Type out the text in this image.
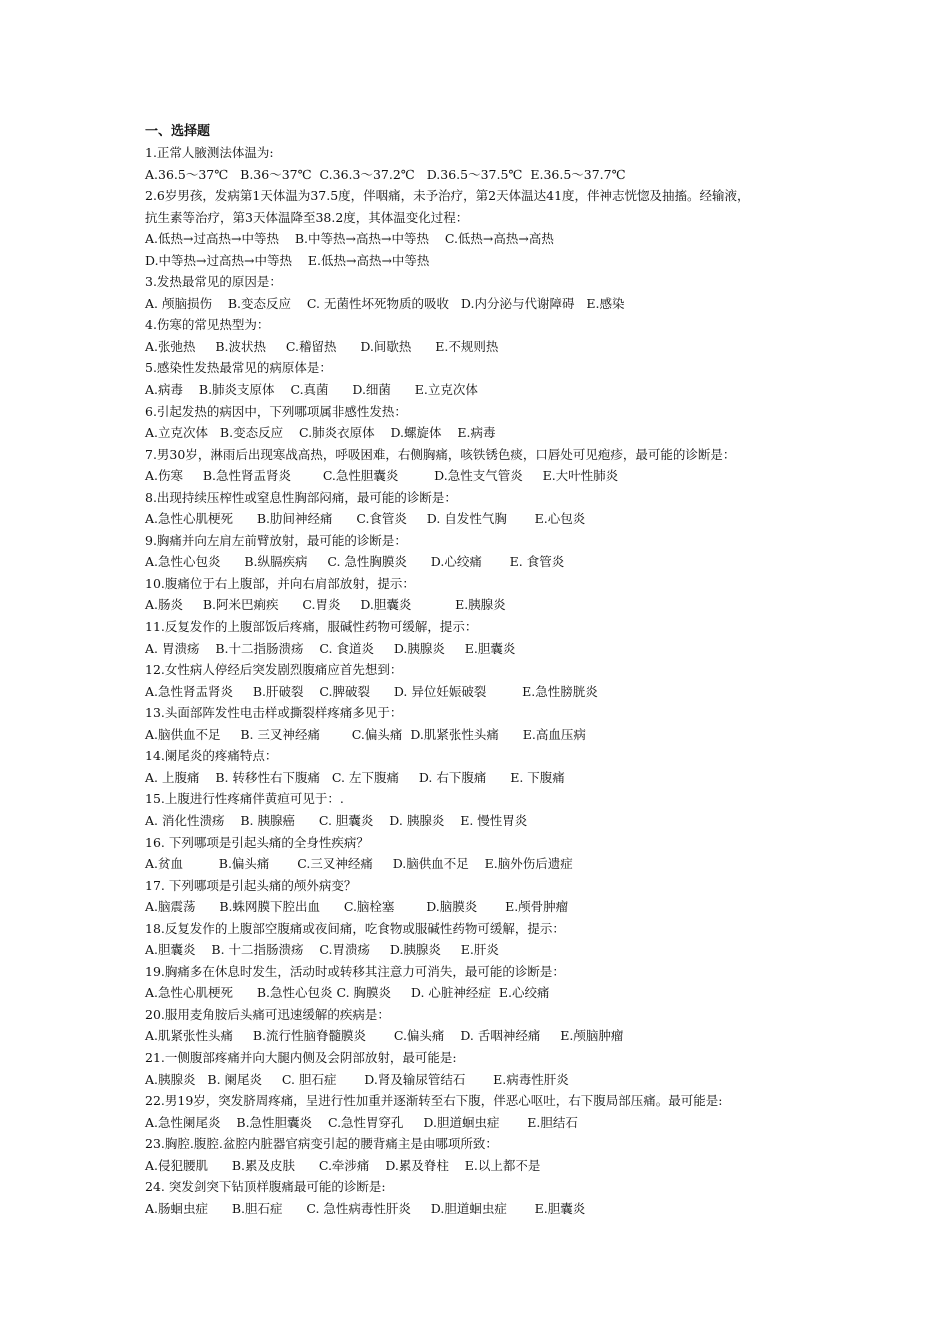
一、选择题
1.正常人腋测法体温为:
A.36.5～37℃   B.36～37℃  C.36.3～37.2℃   D.36.5～37.5℃  E.36.5～37.7℃
2.6岁男孩，发病第1天体温为37.5度，伴咽痛，未予治疗，第2天体温达41度，伴神志恍惚及抽搐。经输液，
抗生素等治疗，第3天体温降至38.2度，其体温变化过程：
A.低热→过高热→中等热    B.中等热→高热→中等热    C.低热→高热→高热
D.中等热→过高热→中等热    E.低热→高热→中等热
3.发热最常见的原因是：
A. 颅脑损伤    B.变态反应    C. 无菌性坏死物质的吸收   D.内分泌与代谢障碍   E.感染
4.伤寒的常见热型为：
A.张弛热     B.波状热     C.稽留热      D.间歇热      E.不规则热
5.感染性发热最常见的病原体是：
A.病毒    B.肺炎支原体    C.真菌      D.细菌      E.立克次体
6.引起发热的病因中，下列哪项属非感性发热：
A.立克次体   B.变态反应    C.肺炎衣原体    D.螺旋体    E.病毒
7.男30岁，淋雨后出现寒战高热，呼吸困难，右侧胸痛，咳铁锈色痰，口唇处可见疱疹，最可能的诊断是：
A.伤寒     B.急性肾盂肾炎        C.急性胆囊炎         D.急性支气管炎     E.大叶性肺炎
8.出现持续压榨性或窒息性胸部闷痛，最可能的诊断是：
A.急性心肌梗死      B.肋间神经痛      C.食管炎     D. 自发性气胸       E.心包炎
9.胸痛并向左肩左前臂放射，最可能的诊断是：
A.急性心包炎      B.纵膈疾病     C. 急性胸膜炎      D.心绞痛       E. 食管炎
10.腹痛位于右上腹部，并向右肩部放射，提示：
A.肠炎     B.阿米巴痢疾      C.胃炎     D.胆囊炎           E.胰腺炎
11.反复发作的上腹部饭后疼痛，服碱性药物可缓解，提示：
A. 胃溃疡    B.十二指肠溃疡    C. 食道炎     D.胰腺炎     E.胆囊炎
12.女性病人停经后突发剧烈腹痛应首先想到：
A.急性肾盂肾炎     B.肝破裂    C.脾破裂      D. 异位妊娠破裂         E.急性膀胱炎
13.头面部阵发性电击样或撕裂样疼痛多见于：
A.脑供血不足     B. 三叉神经痛        C.偏头痛  D.肌紧张性头痛      E.高血压病
14.阑尾炎的疼痛特点：
A. 上腹痛    B. 转移性右下腹痛   C. 左下腹痛     D. 右下腹痛      E. 下腹痛
15.上腹进行性疼痛伴黄疸可见于：.
A. 消化性溃疡    B. 胰腺癌      C. 胆囊炎    D. 胰腺炎    E. 慢性胃炎
16. 下列哪项是引起头痛的全身性疾病？
A.贫血         B.偏头痛       C.三叉神经痛     D.脑供血不足    E.脑外伤后遗症
17. 下列哪项是引起头痛的颅外病变？
A.脑震荡      B.蛛网膜下腔出血      C.脑栓塞        D.脑膜炎       E.颅骨肿瘤
18.反复发作的上腹部空腹痛或夜间痛，吃食物或服碱性药物可缓解，提示：
A.胆囊炎    B. 十二指肠溃疡    C.胃溃疡     D.胰腺炎     E.肝炎
19.胸痛多在休息时发生，活动时或转移其注意力可消失，最可能的诊断是：
A.急性心肌梗死      B.急性心包炎 C. 胸膜炎     D. 心脏神经症  E.心绞痛
20.服用麦角胺后头痛可迅速缓解的疾病是：
A.肌紧张性头痛     B.流行性脑脊髓膜炎       C.偏头痛    D. 舌咽神经痛     E.颅脑肿瘤
21.一侧腹部疼痛并向大腿内侧及会阴部放射，最可能是:
A.胰腺炎   B. 阑尾炎     C. 胆石症       D.肾及输尿管结石       E.病毒性肝炎
22.男19岁，突发脐周疼痛，呈进行性加重并逐渐转至右下腹，伴恶心呕吐，右下腹局部压痛。最可能是:
A.急性阑尾炎    B.急性胆囊炎    C.急性胃穿孔     D.胆道蛔虫症       E.胆结石
23.胸腔.腹腔.盆腔内脏器官病变引起的腰背痛主是由哪项所致：
A.侵犯腰肌      B.累及皮肤      C.牵涉痛    D.累及脊柱    E.以上都不是
24. 突发剑突下钻顶样腹痛最可能的诊断是:
A.肠蛔虫症      B.胆石症      C. 急性病毒性肝炎     D.胆道蛔虫症       E.胆囊炎
